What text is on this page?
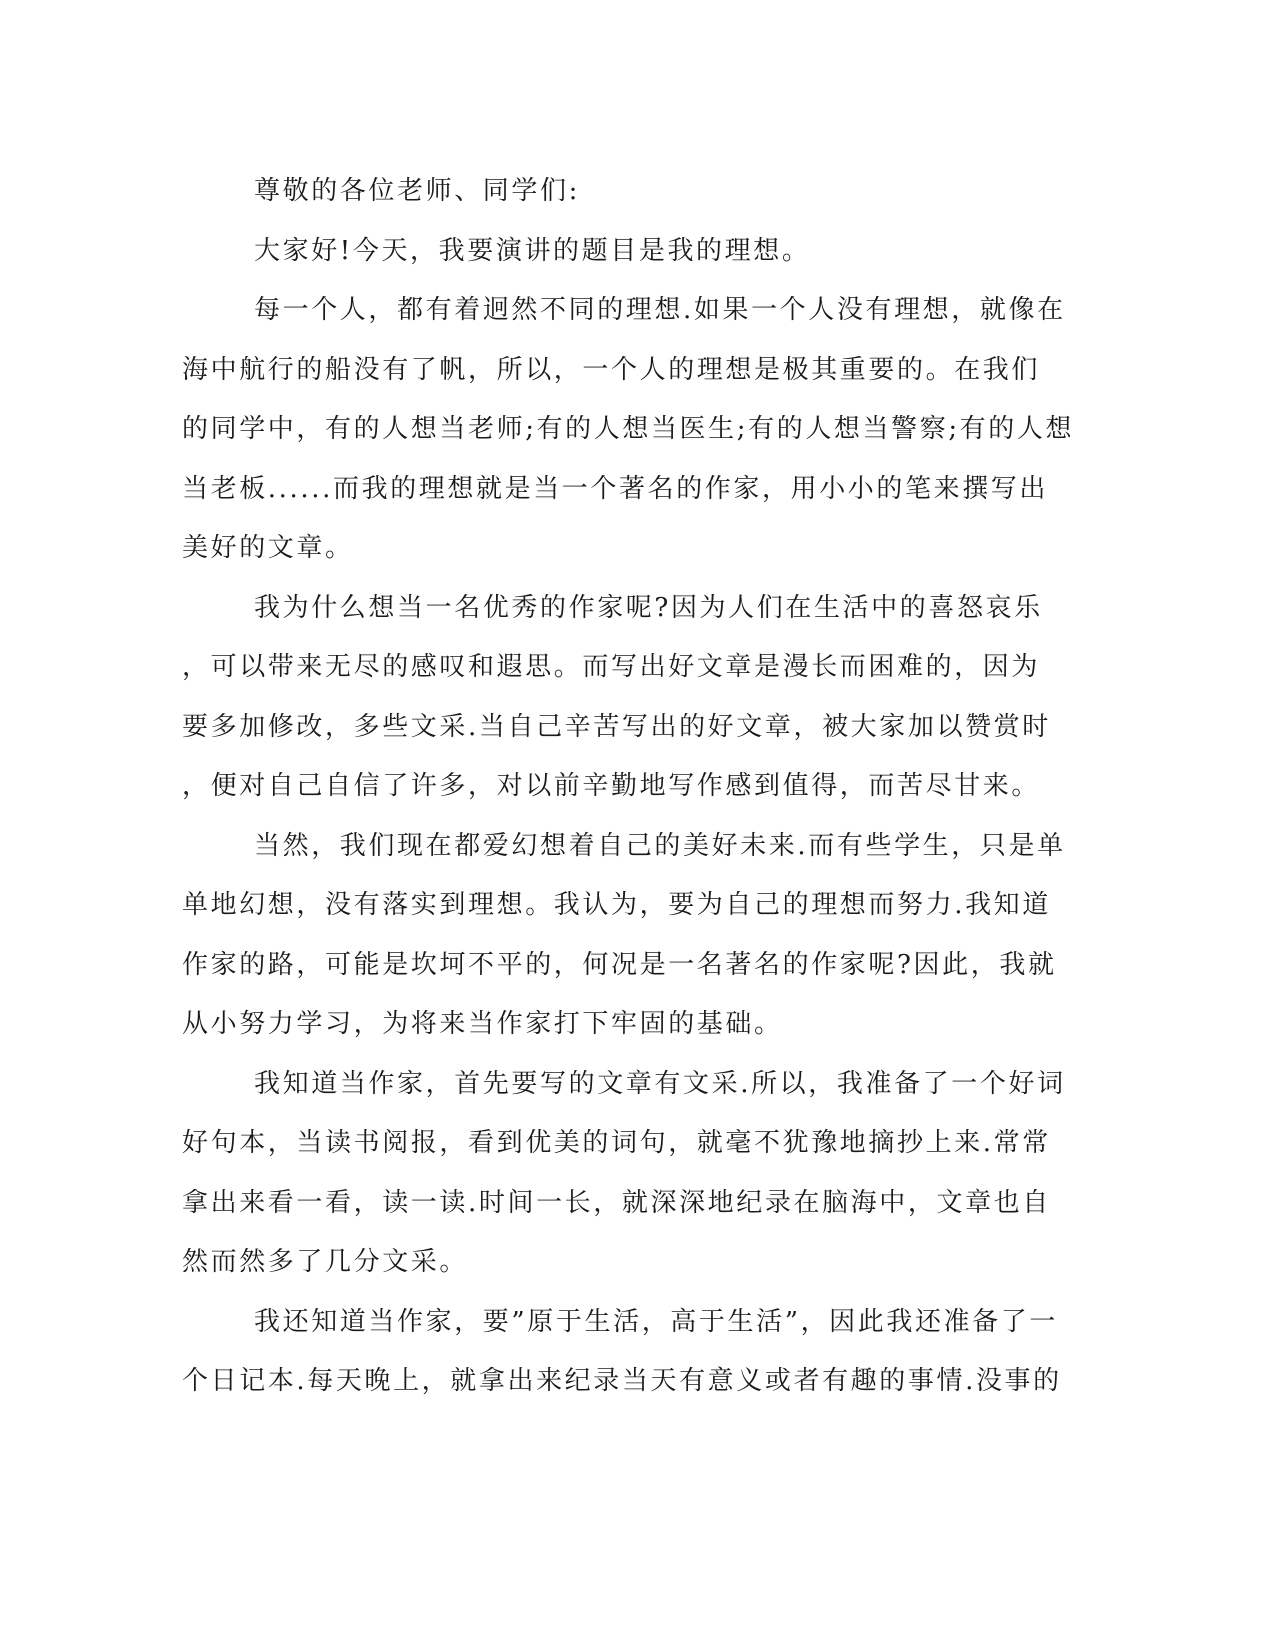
尊敬的各位老师、同学们:
大家好!今天，我要演讲的题目是我的理想。
每一个人，都有着迥然不同的理想.如果一个人没有理想，就像在
海中航行的船没有了帆，所以，一个人的理想是极其重要的。在我们
的同学中，有的人想当老师;有的人想当医生;有的人想当警察;有的人想
当老板......而我的理想就是当一个著名的作家，用小小的笔来撰写出
美好的文章。
我为什么想当一名优秀的作家呢?因为人们在生活中的喜怒哀乐
，可以带来无尽的感叹和遐思。而写出好文章是漫长而困难的，因为
要多加修改，多些文采.当自己辛苦写出的好文章，被大家加以赞赏时
，便对自己自信了许多，对以前辛勤地写作感到值得，而苦尽甘来。
当然，我们现在都爱幻想着自己的美好未来.而有些学生，只是单
单地幻想，没有落实到理想。我认为，要为自己的理想而努力.我知道
作家的路，可能是坎坷不平的，何况是一名著名的作家呢?因此，我就
从小努力学习，为将来当作家打下牢固的基础。
我知道当作家，首先要写的文章有文采.所以，我准备了一个好词
好句本，当读书阅报，看到优美的词句，就毫不犹豫地摘抄上来.常常
拿出来看一看，读一读.时间一长，就深深地纪录在脑海中，文章也自
然而然多了几分文采。
我还知道当作家，要”原于生活，高于生活”，因此我还准备了一
个日记本.每天晚上，就拿出来纪录当天有意义或者有趣的事情.没事的
